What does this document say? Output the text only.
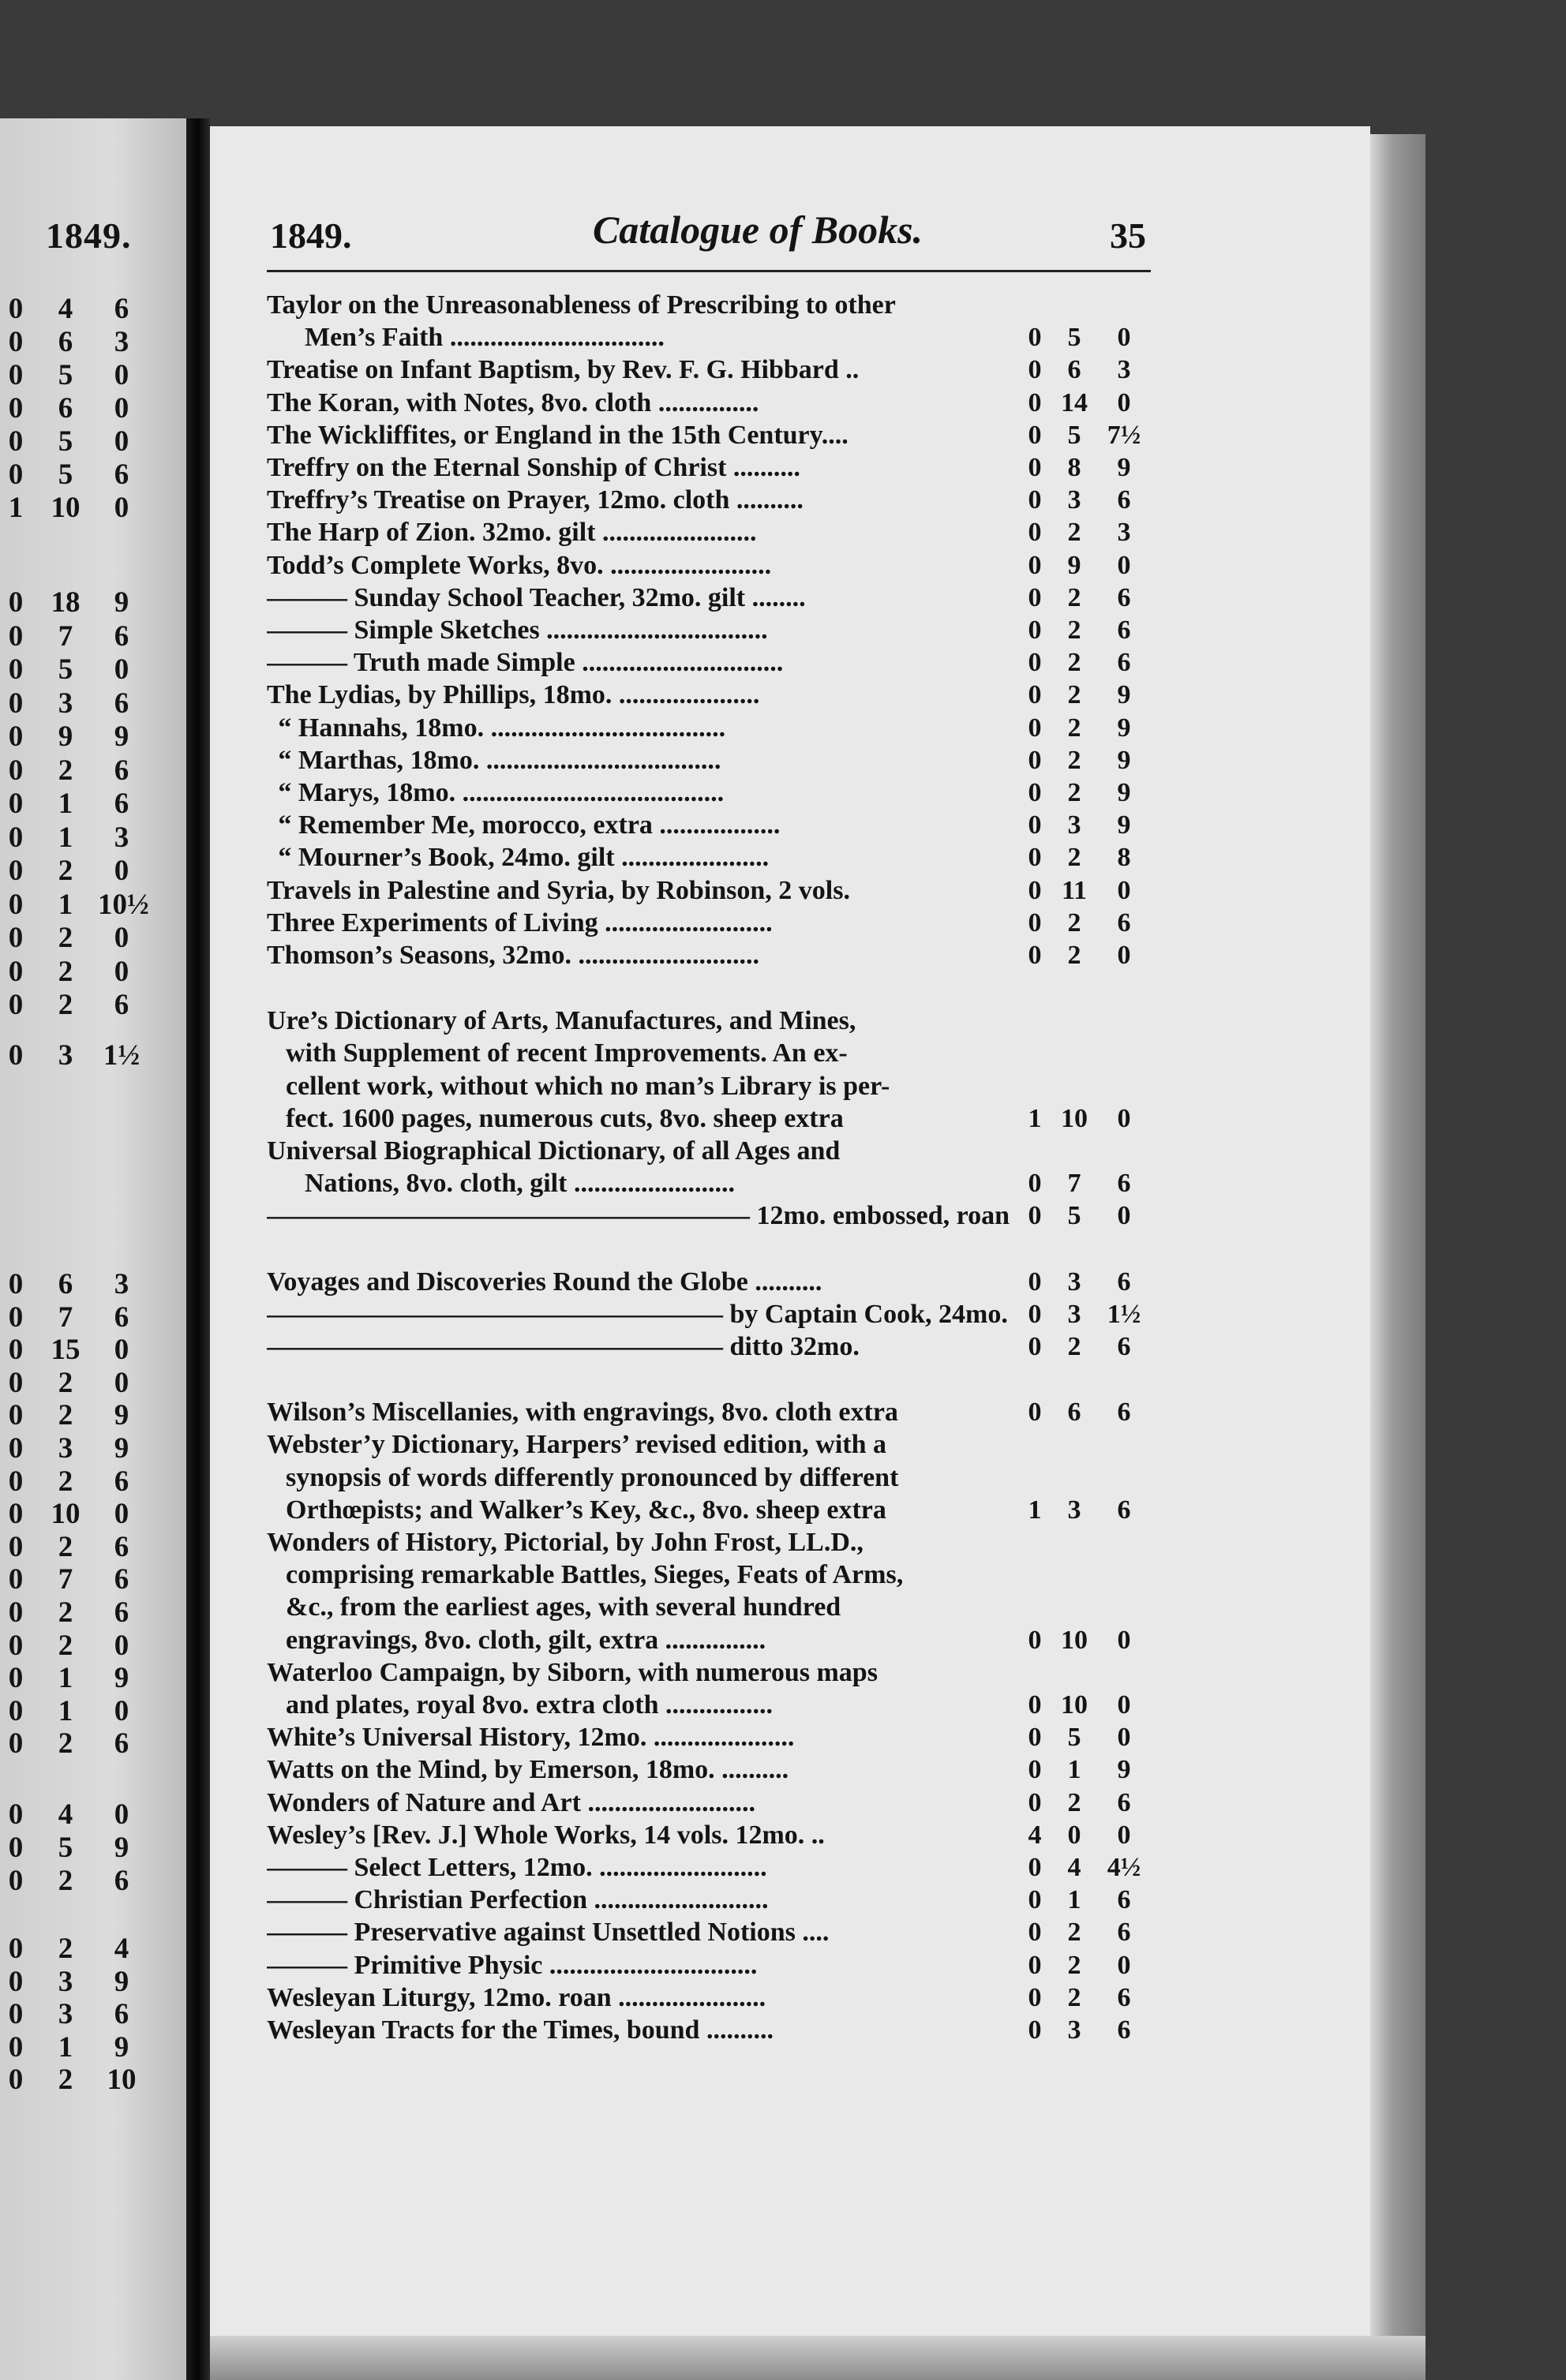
1849.
0	4	6
0	6	3
0	5	0
0	6	0
0	5	0
0	5	6
1 10	0
0 18	9
0	7	6
0	5	0
0	3	6
0	9	9
0	2	6
0	1	6
0	1	3
0	2	0
0	1 10½
0	2	0
0	2	0
0	2	6
0	3	1½
0	6	3
0	7	6
0 15	0
0	2	0
0	2	9
0	3	9
0	2	6
0 10	0
0	2	6
0	7	6
0	2	6
0	2	0
0	1	9
0	1	0
0	2	6
0	4	0
0	5	9
0	2	6
0	2	4
0	3	9
0	3	6
0	1	9
0	2	10
1849.	Catalogue of Books.	35
Taylor on the Unreasonableness of Prescribing to other
Men’s Faith ................................	0 5	0
Treatise on Infant Baptism, by Rev. F. G. Hibbard ..	0 6	3
The Koran, with Notes, 8vo. cloth ...............	0 14	0
The Wickliffites, or England in the 15th Century....	0 5 7½
Treffry on the Eternal Sonship of Christ ..........	0 8	9
Treffry’s Treatise on Prayer, 12mo. cloth ..........	0 3	6
The Harp of Zion. 32mo. gilt .......................	0 2	3
Todd’s Complete Works, 8vo. ........................	0 9	0
——— Sunday School Teacher, 32mo. gilt ........	0 2	6
——— Simple Sketches .................................	0 2	6
——— Truth made Simple ..............................	0 2	6
The Lydias, by Phillips, 18mo. .....................	0 2	9
“ Hannahs, 18mo. ...................................	0 2	9
“ Marthas, 18mo. ...................................	0 2	9
“ Marys, 18mo. .......................................	0 2	9
“ Remember Me, morocco, extra ..................	0 3	9
“ Mourner’s Book, 24mo. gilt ......................	0 2	8
Travels in Palestine and Syria, by Robinson, 2 vols.	0 11	0
Three Experiments of Living .........................	0 2	6
Thomson’s Seasons, 32mo. ...........................	0 2	0
Ure’s Dictionary of Arts, Manufactures, and Mines,
with Supplement of recent Improvements. An ex-
cellent work, without which no man’s Library is per-
fect. 1600 pages, numerous cuts, 8vo. sheep extra	1 10	0
Universal Biographical Dictionary, of all Ages and
Nations, 8vo. cloth, gilt ........................	0 7	6
—————————————————— 12mo. embossed, roan 0 5	0
Voyages and Discoveries Round the Globe ..........	0 3	6
————————————————— by Captain Cook, 24mo. 0 3 1½
————————————————— ditto 32mo.	0 2	6
Wilson’s Miscellanies, with engravings, 8vo. cloth extra	0 6	6
Webster’y Dictionary, Harpers’ revised edition, with a
synopsis of words differently pronounced by different
Orthœpists; and Walker’s Key, &c., 8vo. sheep extra	1 3	6
Wonders of History, Pictorial, by John Frost, LL.D.,
comprising remarkable Battles, Sieges, Feats of Arms,
&c., from the earliest ages, with several hundred
engravings, 8vo. cloth, gilt, extra ...............	0 10	0
Waterloo Campaign, by Siborn, with numerous maps
and plates, royal 8vo. extra cloth ................	0 10	0
White’s Universal History, 12mo. .....................	0 5	0
Watts on the Mind, by Emerson, 18mo. ..........	0 1	9
Wonders of Nature and Art .........................	0 2	6
Wesley’s [Rev. J.] Whole Works, 14 vols. 12mo. ..	4 0	0
——— Select Letters, 12mo. .........................	0 4 4½
——— Christian Perfection ..........................	0 1	6
——— Preservative against Unsettled Notions ....	0 2	6
——— Primitive Physic ...............................	0 2	0
Wesleyan Liturgy, 12mo. roan ......................	0 2	6
Wesleyan Tracts for the Times, bound ..........	0 3	6
